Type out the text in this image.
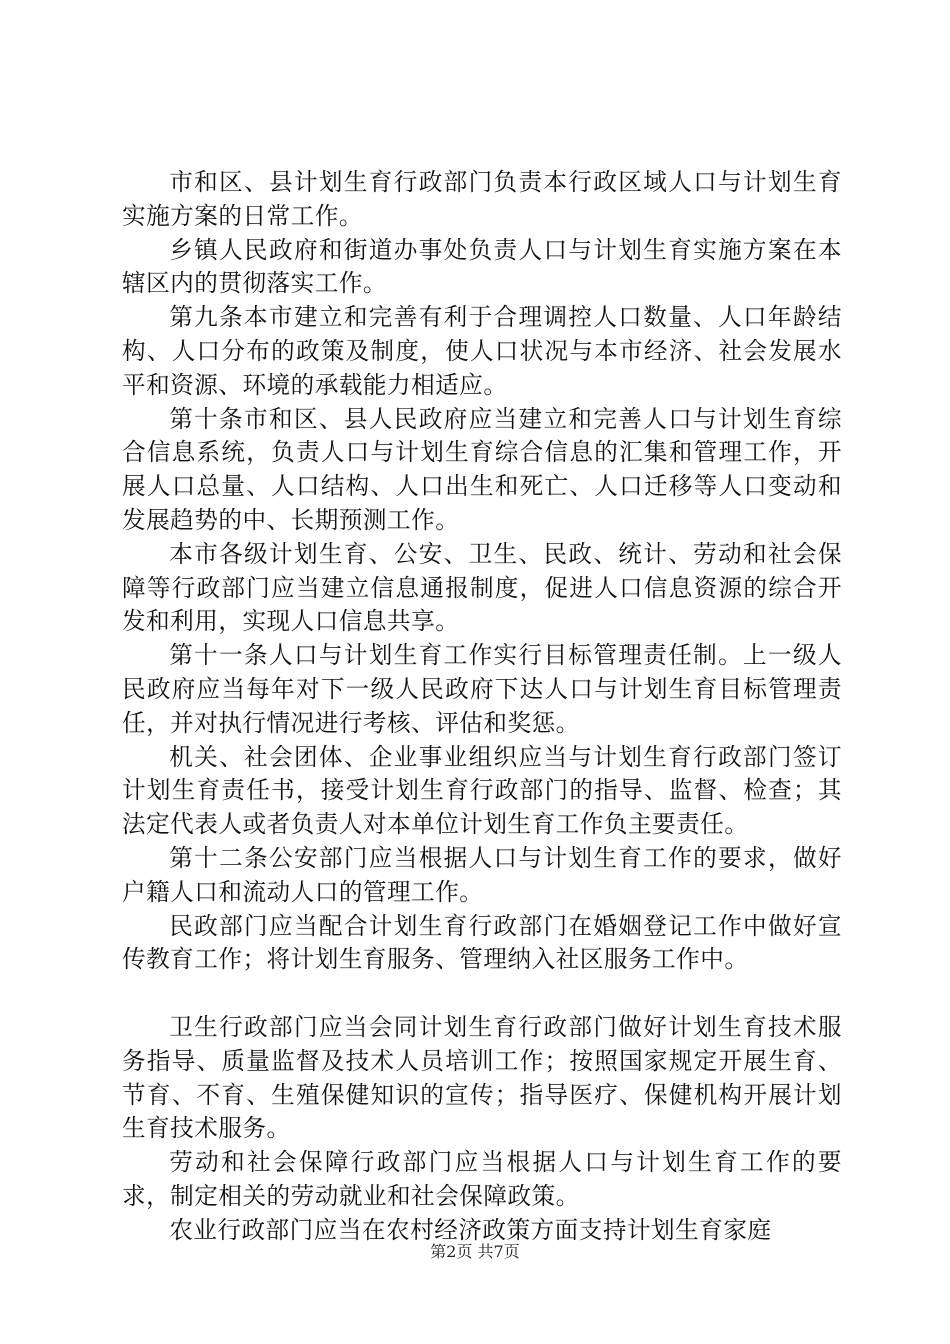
市和区、县计划生育行政部门负责本行政区域人口与计划生育实施方案的日常工作。

乡镇人民政府和街道办事处负责人口与计划生育实施方案在本辖区内的贯彻落实工作。

第九条本市建立和完善有利于合理调控人口数量、人口年龄结构、人口分布的政策及制度，使人口状况与本市经济、社会发展水平和资源、环境的承载能力相适应。

第十条市和区、县人民政府应当建立和完善人口与计划生育综合信息系统，负责人口与计划生育综合信息的汇集和管理工作，开展人口总量、人口结构、人口出生和死亡、人口迁移等人口变动和发展趋势的中、长期预测工作。

本市各级计划生育、公安、卫生、民政、统计、劳动和社会保障等行政部门应当建立信息通报制度，促进人口信息资源的综合开发和利用，实现人口信息共享。

第十一条人口与计划生育工作实行目标管理责任制。上一级人民政府应当每年对下一级人民政府下达人口与计划生育目标管理责任，并对执行情况进行考核、评估和奖惩。

机关、社会团体、企业事业组织应当与计划生育行政部门签订计划生育责任书，接受计划生育行政部门的指导、监督、检查；其法定代表人或者负责人对本单位计划生育工作负主要责任。

第十二条公安部门应当根据人口与计划生育工作的要求，做好户籍人口和流动人口的管理工作。

民政部门应当配合计划生育行政部门在婚姻登记工作中做好宣传教育工作；将计划生育服务、管理纳入社区服务工作中。

卫生行政部门应当会同计划生育行政部门做好计划生育技术服务指导、质量监督及技术人员培训工作；按照国家规定开展生育、节育、不育、生殖保健知识的宣传；指导医疗、保健机构开展计划生育技术服务。

劳动和社会保障行政部门应当根据人口与计划生育工作的要求，制定相关的劳动就业和社会保障政策。

农业行政部门应当在农村经济政策方面支持计划生育家庭

第2页 共7页
